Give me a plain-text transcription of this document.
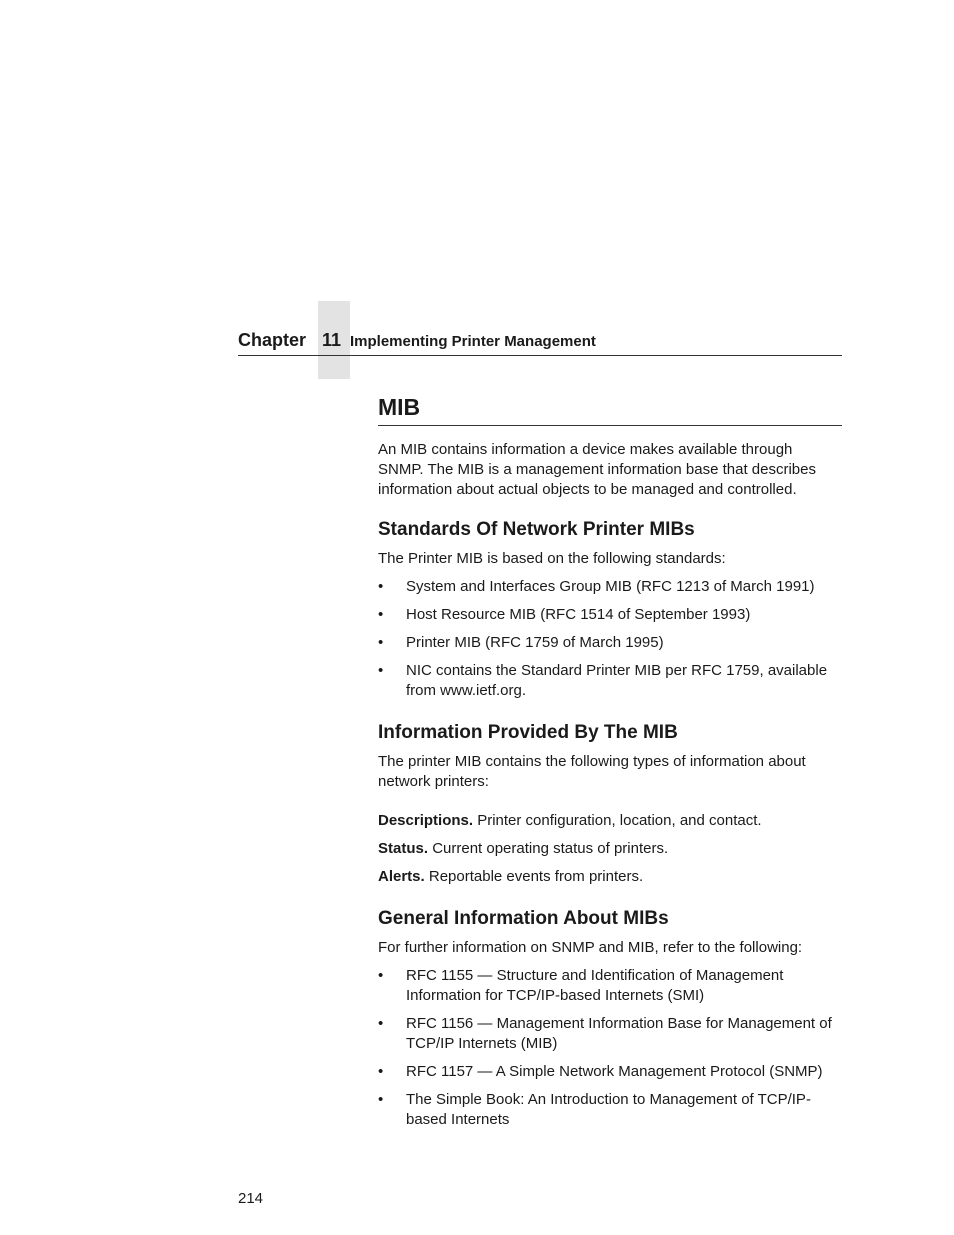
Chapter 11 Implementing Printer Management
MIB

An MIB contains information a device makes available through SNMP. The MIB is a management information base that describes information about actual objects to be managed and controlled.

Standards Of Network Printer MIBs

The Printer MIB is based on the following standards:

• System and Interfaces Group MIB (RFC 1213 of March 1991)
• Host Resource MIB (RFC 1514 of September 1993)
• Printer MIB (RFC 1759 of March 1995)
• NIC contains the Standard Printer MIB per RFC 1759, available from www.ietf.org.
Information Provided By The MIB

The printer MIB contains the following types of information about network printers:

Descriptions. Printer configuration, location, and contact.

Status. Current operating status of printers.

Alerts. Reportable events from printers.

General Information About MIBs

For further information on SNMP and MIB, refer to the following:

• RFC 1155 — Structure and Identification of Management Information for TCP/IP-based Internets (SMI)
• RFC 1156 — Management Information Base for Management of TCP/IP Internets (MIB)
• RFC 1157 — A Simple Network Management Protocol (SNMP)
• The Simple Book: An Introduction to Management of TCP/IP-based Internets
214
